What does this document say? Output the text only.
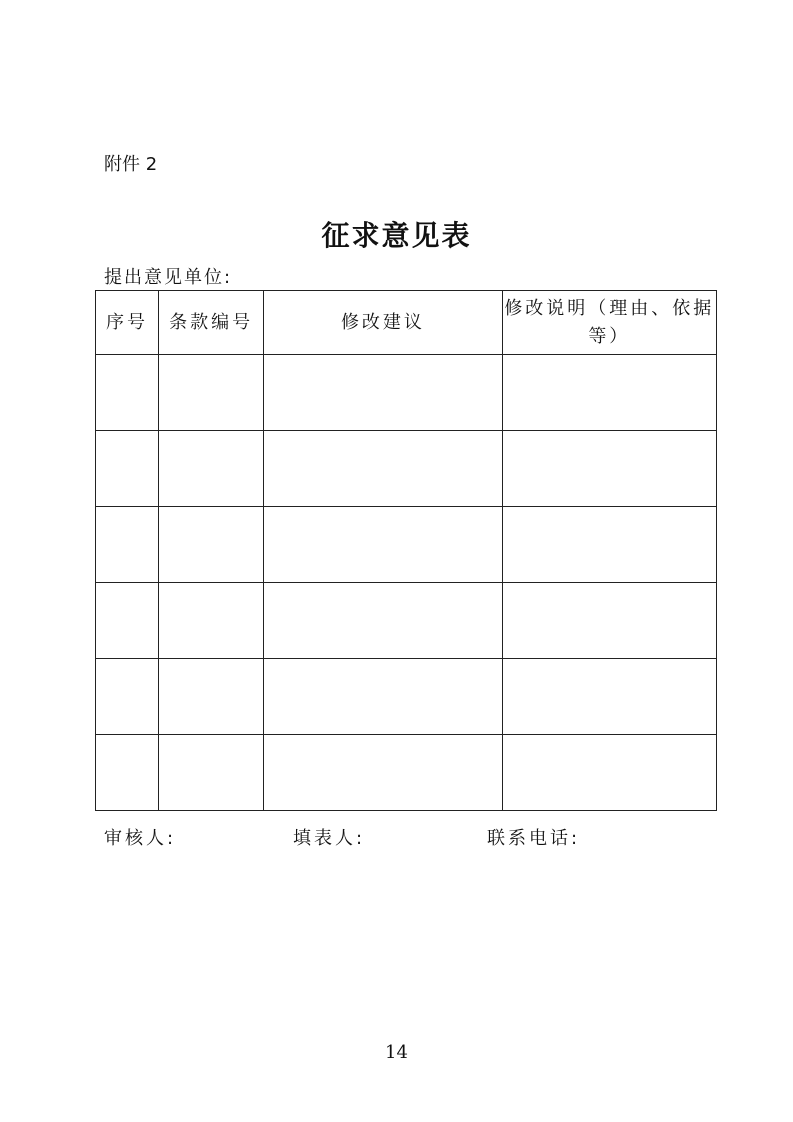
附件 2
征求意见表
提出意见单位:
序号	条款编号	修改建议	修改说明（理由、依据等）

审核人:	填表人:	联系电话:
14
